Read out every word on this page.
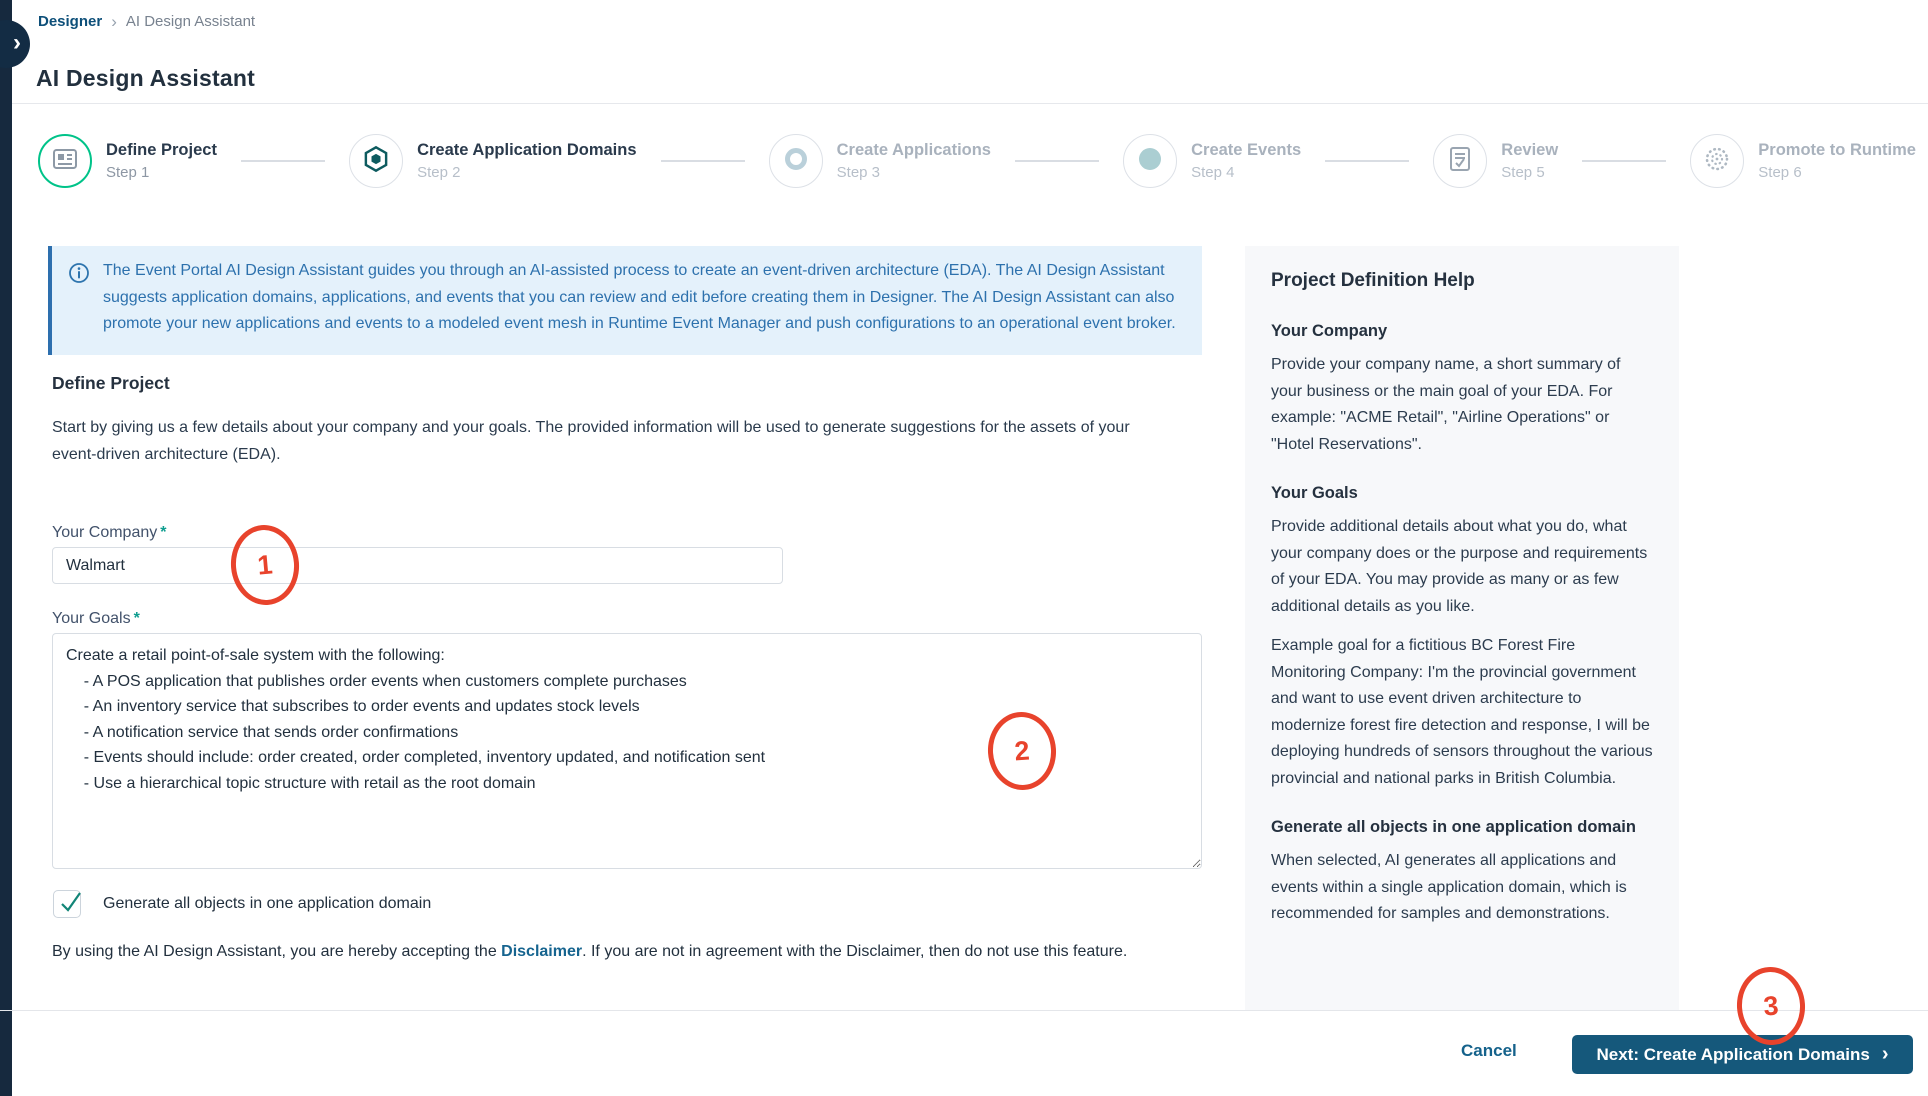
›
Designer › AI Design Assistant
AI Design Assistant
Define Project
Step 1
Create Application Domains
Step 2
Create Applications
Step 3
Create Events
Step 4
Review
Step 5
Promote to Runtime
Step 6
The Event Portal AI Design Assistant guides you through an AI-assisted process to create an event-driven architecture (EDA). The AI Design Assistant suggests application domains, applications, and events that you can review and edit before creating them in Designer. The AI Design Assistant can also promote your new applications and events to a modeled event mesh in Runtime Event Manager and push configurations to an operational event broker.
Define Project
Start by giving us a few details about your company and your goals. The provided information will be used to generate suggestions for the assets of your event-driven architecture (EDA).
Your Company *
Walmart
Your Goals *
Create a retail point-of-sale system with the following: - A POS application that publishes order events when customers complete purchases - An inventory service that subscribes to order events and updates stock levels - A notification service that sends order confirmations - Events should include: order created, order completed, inventory updated, and notification sent - Use a hierarchical topic structure with retail as the root domain
Generate all objects in one application domain
By using the AI Design Assistant, you are hereby accepting the Disclaimer. If you are not in agreement with the Disclaimer, then do not use this feature.
Project Definition Help
Your Company

Provide your company name, a short summary of your business or the main goal of your EDA. For example: "ACME Retail", "Airline Operations" or "Hotel Reservations".

Your Goals

Provide additional details about what you do, what your company does or the purpose and requirements of your EDA. You may provide as many or as few additional details as you like.

Example goal for a fictitious BC Forest Fire Monitoring Company: I'm the provincial government and want to use event driven architecture to modernize forest fire detection and response, I will be deploying hundreds of sensors throughout the various provincial and national parks in British Columbia.

Generate all objects in one application domain

When selected, AI generates all applications and events within a single application domain, which is recommended for samples and demonstrations.

Cancel	Next: Create Application Domains ›
1
2
3
